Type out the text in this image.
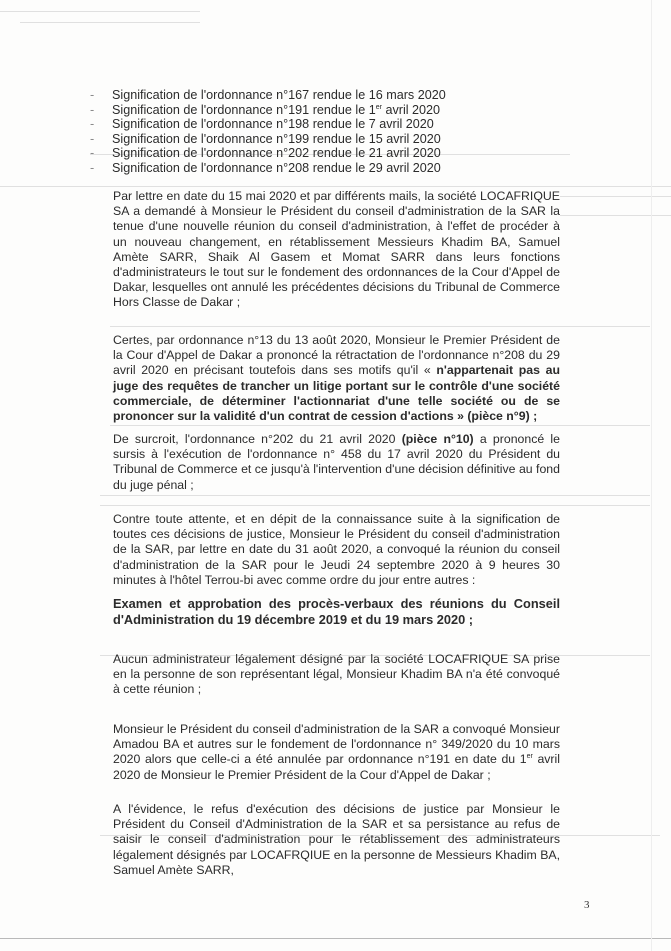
-	Signification de l'ordonnance n°167 rendue le 16 mars 2020
-	Signification de l'ordonnance n°191 rendue le 1er avril 2020
-	Signification de l'ordonnance n°198 rendue le 7 avril 2020
-	Signification de l'ordonnance n°199 rendue le 15 avril 2020
-	Signification de l'ordonnance n°202 rendue le 21 avril 2020
-	Signification de l'ordonnance n°208 rendue le 29 avril 2020

Par lettre en date du 15 mai 2020 et par différents mails, la société LOCAFRIQUE SA a demandé à Monsieur le Président du conseil d'administration de la SAR la tenue d'une nouvelle réunion du conseil d'administration, à l'effet de procéder à un nouveau changement, en rétablissement Messieurs Khadim BA, Samuel Amète SARR, Shaik Al Gasem et Momat SARR dans leurs fonctions d'administrateurs le tout sur le fondement des ordonnances de la Cour d'Appel de Dakar, lesquelles ont annulé les précédentes décisions du Tribunal de Commerce Hors Classe de Dakar ;

Certes, par ordonnance n°13 du 13 août 2020, Monsieur le Premier Président de la Cour d'Appel de Dakar a prononcé la rétractation de l'ordonnance n°208 du 29 avril 2020 en précisant toutefois dans ses motifs qu'il « n'appartenait pas au juge des requêtes de trancher un litige portant sur le contrôle d'une société commerciale, de déterminer l'actionnariat d'une telle société ou de se prononcer sur la validité d'un contrat de cession d'actions » (pièce n°9) ;

De surcroit, l'ordonnance n°202 du 21 avril 2020 (pièce n°10) a prononcé le sursis à l'exécution de l'ordonnance n° 458 du 17 avril 2020 du Président du Tribunal de Commerce et ce jusqu'à l'intervention d'une décision définitive au fond du juge pénal ;

Contre toute attente, et en dépit de la connaissance suite à la signification de toutes ces décisions de justice, Monsieur le Président du conseil d'administration de la SAR, par lettre en date du 31 août 2020, a convoqué la réunion du conseil d'administration de la SAR pour le Jeudi 24 septembre 2020 à 9 heures 30 minutes à l'hôtel Terrou-bi avec comme ordre du jour entre autres :

Examen et approbation des procès-verbaux des réunions du Conseil d'Administration du 19 décembre 2019 et du 19 mars 2020 ;

Aucun administrateur légalement désigné par la société LOCAFRIQUE SA prise en la personne de son représentant légal, Monsieur Khadim BA n'a été convoqué à cette réunion ;

Monsieur le Président du conseil d'administration de la SAR a convoqué Monsieur Amadou BA et autres sur le fondement de l'ordonnance n° 349/2020 du 10 mars 2020 alors que celle-ci a été annulée par ordonnance n°191 en date du 1er avril 2020 de Monsieur le Premier Président de la Cour d'Appel de Dakar ;

A l'évidence, le refus d'exécution des décisions de justice par Monsieur le Président du Conseil d'Administration de la SAR et sa persistance au refus de saisir le conseil d'administration pour le rétablissement des administrateurs légalement désignés par LOCAFRQIUE en la personne de Messieurs Khadim BA, Samuel Amète SARR,

3
